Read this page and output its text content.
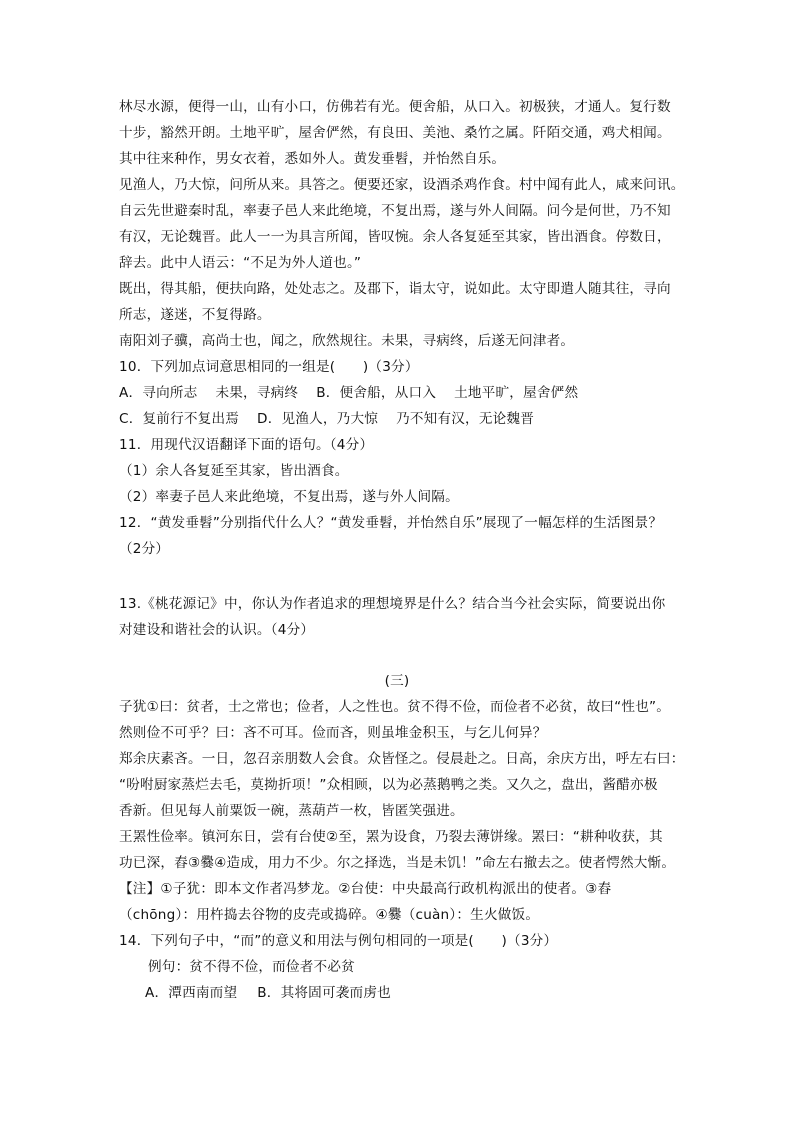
林尽水源，便得一山，山有小口，仿佛若有光。便舍船，从口入。初极狭，才通人。复行数
十步，豁然开朗。土地平旷，屋舍俨然，有良田、美池、桑竹之属。阡陌交通，鸡犬相闻。
其中往来种作，男女衣着，悉如外人。黄发垂髫，并怡然自乐。
见渔人，乃大惊，问所从来。具答之。便要还家，设酒杀鸡作食。村中闻有此人，咸来问讯。
自云先世避秦时乱，率妻子邑人来此绝境，不复出焉，遂与外人间隔。问今是何世，乃不知
有汉，无论魏晋。此人一一为具言所闻，皆叹惋。余人各复延至其家，皆出酒食。停数日，
辞去。此中人语云：“不足为外人道也。”
既出，得其船，便扶向路，处处志之。及郡下，诣太守，说如此。太守即遣人随其往，寻向
所志，遂迷，不复得路。
南阳刘子骥，高尚士也，闻之，欣然规往。未果，寻病终，后遂无问津者。
10．下列加点词意思相同的一组是(　　)（3分）
A．寻向所志 未果，寻病终 B．便舍船，从口入 土地平旷，屋舍俨然
C．复前行不复出焉 D．见渔人，乃大惊 乃不知有汉，无论魏晋
11．用现代汉语翻译下面的语句。（4分）
（1）余人各复延至其家，皆出酒食。
（2）率妻子邑人来此绝境，不复出焉，遂与外人间隔。
12．“黄发垂髫”分别指代什么人？“黄发垂髫，并怡然自乐”展现了一幅怎样的生活图景？
（2分）
13.《桃花源记》中，你认为作者追求的理想境界是什么？结合当今社会实际，简要说出你
对建设和谐社会的认识。（4分）
(三)
子犹①曰：贫者，士之常也；俭者，人之性也。贫不得不俭，而俭者不必贫，故曰“性也”。
然则俭不可乎？曰：吝不可耳。俭而吝，则虽堆金积玉，与乞儿何异？
郑余庆素吝。一日，忽召亲朋数人会食。众皆怪之。侵晨赴之。日高，余庆方出，呼左右曰：
“吩咐厨家蒸烂去毛，莫拗折项！”众相顾，以为必蒸鹅鸭之类。又久之，盘出，酱醋亦极
香新。但见每人前粟饭一碗，蒸葫芦一枚，皆匿笑强进。
王罴性俭率。镇河东日，尝有台使②至，罴为设食，乃裂去薄饼缘。罴曰：“耕种收获，其
功已深，舂③爨④造成，用力不少。尔之择选，当是未饥！”命左右撤去之。使者愕然大惭。
【注】①子犹：即本文作者冯梦龙。②台使：中央最高行政机构派出的使者。③舂
（chōng）：用杵捣去谷物的皮壳或捣碎。④爨（cuàn）：生火做饭。
14．下列句子中，“而”的意义和用法与例句相同的一项是(　　)（3分）
例句：贫不得不俭，而俭者不必贫
A．潭西南而望 B．其将固可袭而虏也
